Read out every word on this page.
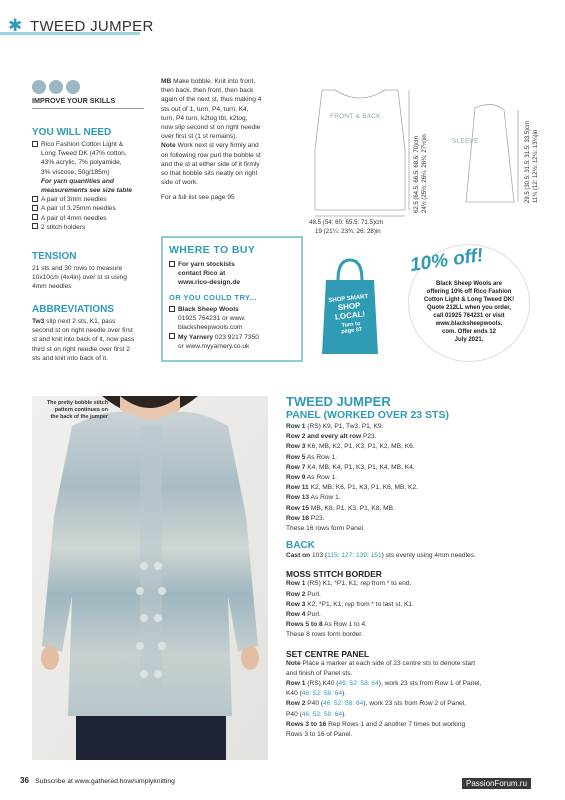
✱ TWEED JUMPER
IMPROVE YOUR SKILLS
YOU WILL NEED
Rico Fashion Cotton Light &
Long Tweed DK (47% cotton,
43% acrylic, 7% polyamide,
3% viscose, 50g/185m)
For yarn quantities and
measurements see size table
A pair of 3mm needles
A pair of 3.25mm needles
A pair of 4mm needles
2 stitch holders
TENSION
21 sts and 30 rows to measure
10x10cm (4x4in) over st st using
4mm needles
ABBREVIATIONS
Tw3 slip next 2 sts, K1, pass
second st on right needle over first
st and knit into back of it, now pass
third st on right needle over first 2
sts and knit into back of it.
MB Make bobble. Knit into front,
then back, then front, then back
again of the next st, thus making 4
sts out of 1, turn, P4, turn, K4,
turn, P4 turn, k2tog tbl, k2tog,
now slip second st on right needle
over first st (1 st remains).
Note Work next st very firmly and
on following row purl the bobble st
and the st at either side of it firmly
so that bobble sits neatly on right
side of work.
For a full list see page 95
WHERE TO BUY
For yarn stockists
contact Rico at
www.rico-design.de
OR YOU COULD TRY...
Black Sheep Wools
01925 764231 or www.
blacksheepwools.com
My Yarnery 023 9217 7350
or www.myyarnery.co.uk
FRONT & BACK
SLEEVE
48.5 (54: 60: 65.5: 71.5)cm
19 (21¼: 23¾: 26: 28)in
62.5 (64.5: 66.5: 68.5: 70)cm 24½ (25½: 26¼: 26¾: 27½)in	29.5 (30.5: 31.5: 31.5: 33.5)cm 11¾ (12: 12½: 12½: 13¼)in
SHOP SMART
SHOP
LOCAL!
Turn to
page 87
10% off!
Black Sheep Wools are
offering 10% off Rico Fashion
Cotton Light & Long Tweed DK!
Quote 212LL when you order,
call 01925 764231 or visit
www.blacksheepwools.
com. Offer ends 12
July 2021.
The pretty bobble stitch
pattern continues on
the back of the jumper
TWEED JUMPER
PANEL (WORKED OVER 23 STS)
Row 1 (RS) K9, P1, Tw3, P1, K9.
Row 2 and every alt row P23.
Row 3 K6, MB, K2, P1, K3, P1, K2, MB, K6.
Row 5 As Row 1.
Row 7 K4, MB, K4, P1, K3, P1, K4, MB, K4.
Row 9 As Row 1.
Row 11 K2, MB, K6, P1, K3, P1, K6, MB, K2.
Row 13 As Row 1.
Row 15 MB, K8, P1, K3, P1, K8, MB.
Row 16 P23.
These 16 rows form Panel.
BACK
Cast on 103 (115: 127: 139: 151) sts evenly using 4mm needles.
MOSS STITCH BORDER
Row 1 (RS) K1, *P1, K1; rep from * to end.
Row 2 Purl.
Row 3 K2, *P1, K1; rep from * to last st, K1.
Row 4 Purl.
Rows 5 to 8 As Row 1 to 4.
These 8 rows form border.
SET CENTRE PANEL
Note Place a marker at each side of 23 centre sts to denote start
and finish of Panel sts.
Row 1 (RS) K40 (46: 52: 58: 64), work 23 sts from Row 1 of Panel,
K40 (46: 52: 58: 64).
Row 2 P40 (46: 52: 58: 64), work 23 sts from Row 2 of Panel,
P40 (46: 52: 58: 64).
Rows 3 to 16 Rep Rows 1 and 2 another 7 times but working
Rows 3 to 16 of Panel.
36 Subscribe at www.gathered.how/simplyknitting	PassionForum.ru
